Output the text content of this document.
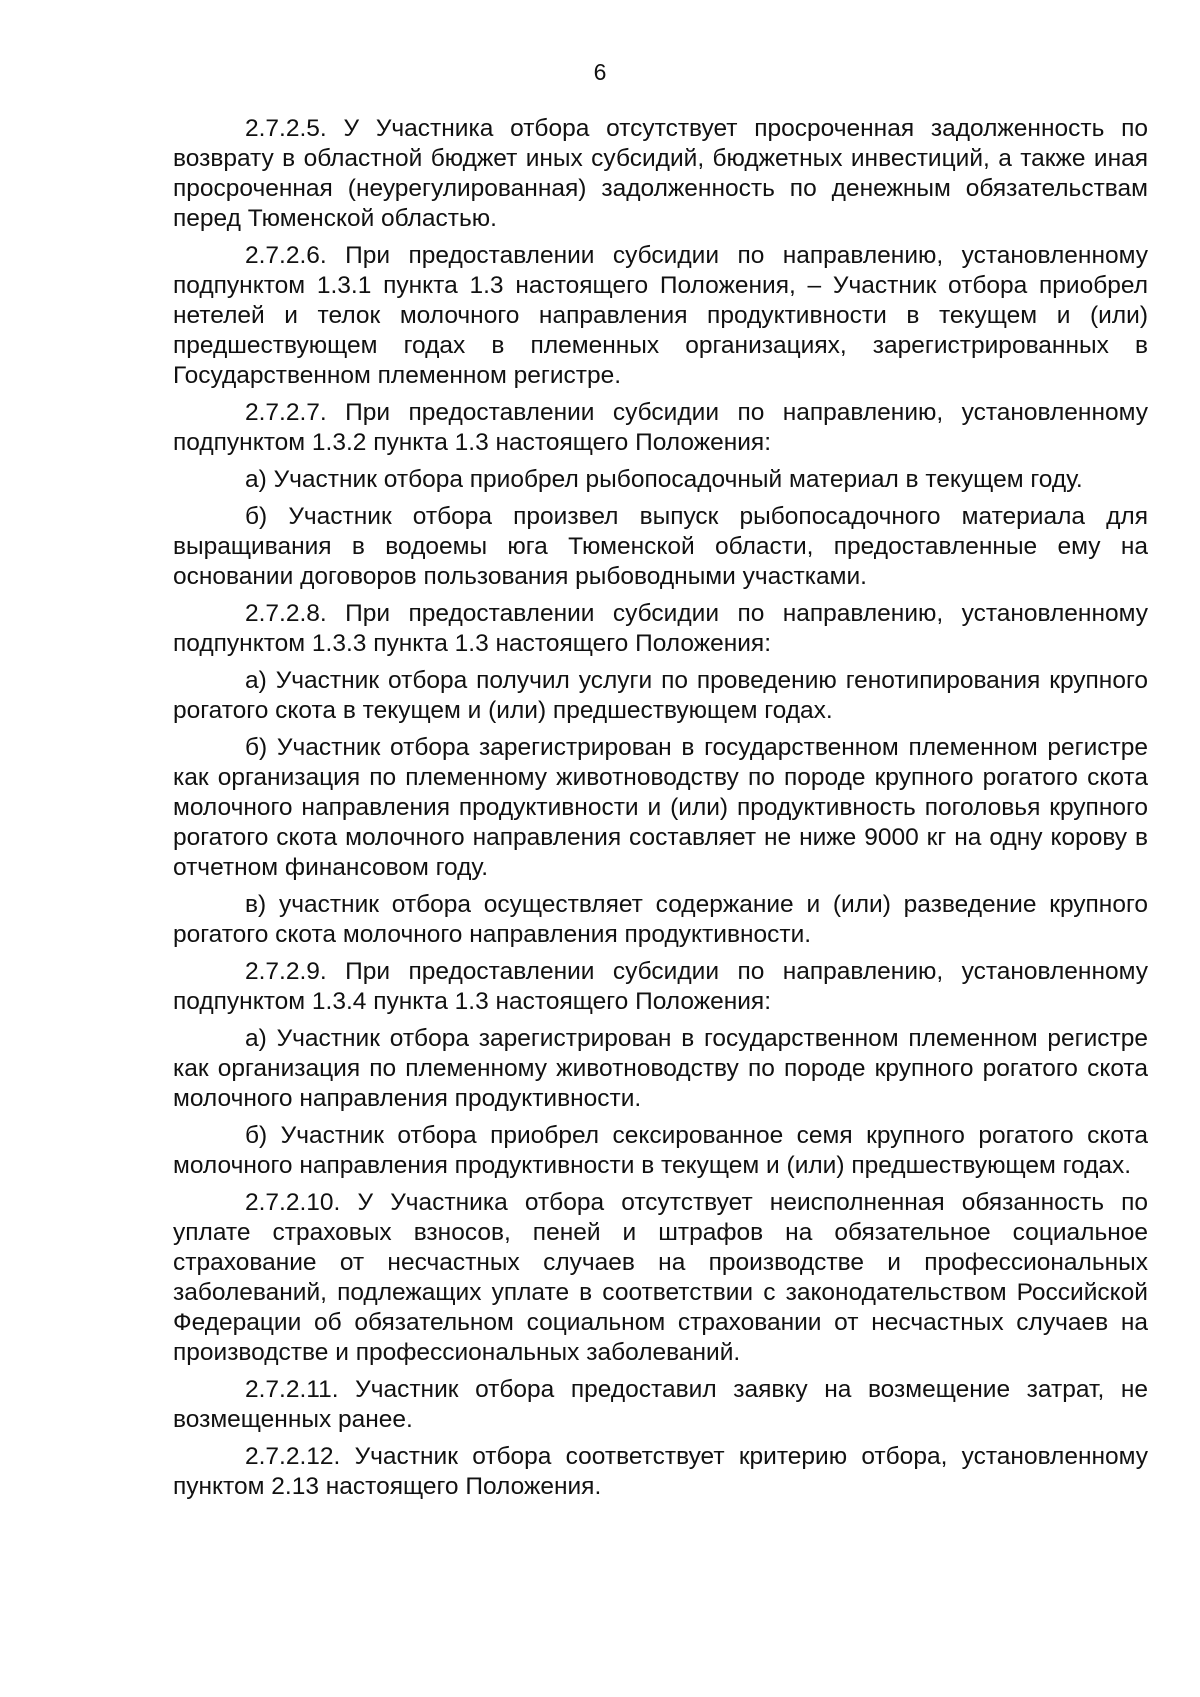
6

2.7.2.5. У Участника отбора отсутствует просроченная задолженность по возврату в областной бюджет иных субсидий, бюджетных инвестиций, а также иная просроченная (неурегулированная) задолженность по денежным обязательствам перед Тюменской областью.

2.7.2.6. При предоставлении субсидии по направлению, установленному подпунктом 1.3.1 пункта 1.3 настоящего Положения, – Участник отбора приобрел нетелей и телок молочного направления продуктивности в текущем и (или) предшествующем годах в племенных организациях, зарегистрированных в Государственном племенном регистре.

2.7.2.7. При предоставлении субсидии по направлению, установленному подпунктом 1.3.2 пункта 1.3 настоящего Положения:

а) Участник отбора приобрел рыбопосадочный материал в текущем году.

б) Участник отбора произвел выпуск рыбопосадочного материала для выращивания в водоемы юга Тюменской области, предоставленные ему на основании договоров пользования рыбоводными участками.

2.7.2.8. При предоставлении субсидии по направлению, установленному подпунктом 1.3.3 пункта 1.3 настоящего Положения:

а) Участник отбора получил услуги по проведению генотипирования крупного рогатого скота в текущем и (или) предшествующем годах.

б) Участник отбора зарегистрирован в государственном племенном регистре как организация по племенному животноводству по породе крупного рогатого скота молочного направления продуктивности и (или) продуктивность поголовья крупного рогатого скота молочного направления составляет не ниже 9000 кг на одну корову в отчетном финансовом году.

в) участник отбора осуществляет содержание и (или) разведение крупного рогатого скота молочного направления продуктивности.

2.7.2.9. При предоставлении субсидии по направлению, установленному подпунктом 1.3.4 пункта 1.3 настоящего Положения:

а) Участник отбора зарегистрирован в государственном племенном регистре как организация по племенному животноводству по породе крупного рогатого скота молочного направления продуктивности.

б) Участник отбора приобрел сексированное семя крупного рогатого скота молочного направления продуктивности в текущем и (или) предшествующем годах.

2.7.2.10. У Участника отбора отсутствует неисполненная обязанность по уплате страховых взносов, пеней и штрафов на обязательное социальное страхование от несчастных случаев на производстве и профессиональных заболеваний, подлежащих уплате в соответствии с законодательством Российской Федерации об обязательном социальном страховании от несчастных случаев на производстве и профессиональных заболеваний.

2.7.2.11. Участник отбора предоставил заявку на возмещение затрат, не возмещенных ранее.

2.7.2.12. Участник отбора соответствует критерию отбора, установленному пунктом 2.13 настоящего Положения.
